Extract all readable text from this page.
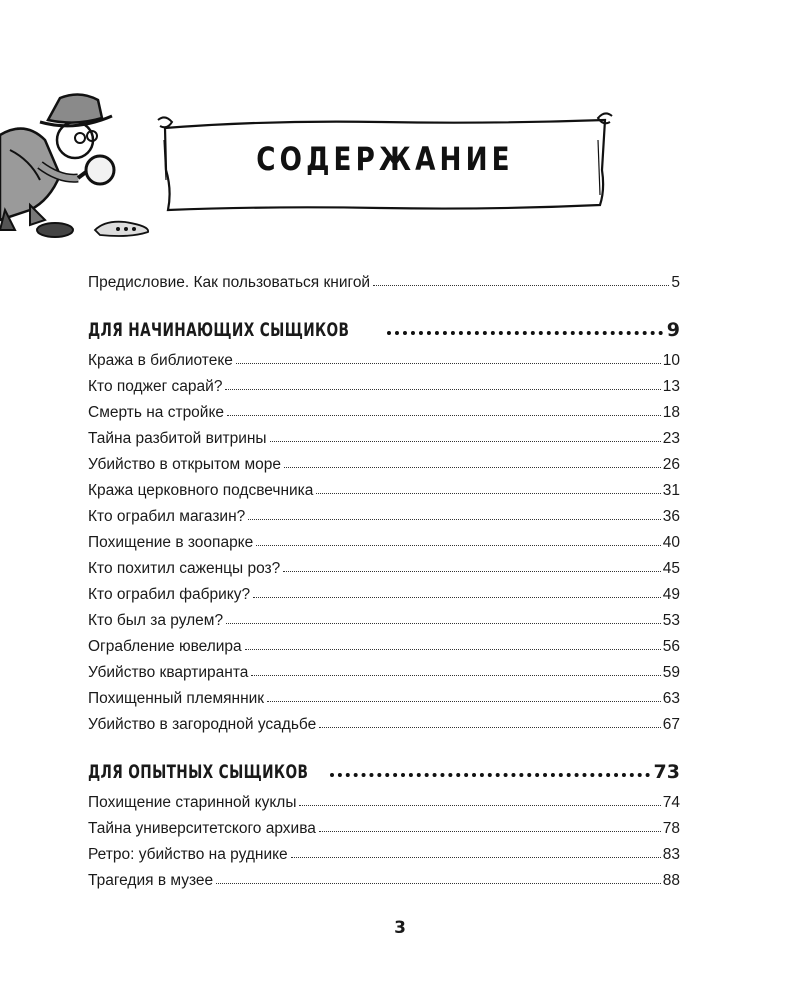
СОДЕРЖАНИЕ
Предисловие. Как пользоваться книгой	5
ДЛЯ НАЧИНАЮЩИХ СЫЩИКОВ	9
Кража в библиотеке	10
Кто поджег сарай?	13
Смерть на стройке	18
Тайна разбитой витрины	23
Убийство в открытом море	26
Кража церковного подсвечника	31
Кто ограбил магазин?	36
Похищение в зоопарке	40
Кто похитил саженцы роз?	45
Кто ограбил фабрику?	49
Кто был за рулем?	53
Ограбление ювелира	56
Убийство квартиранта	59
Похищенный племянник	63
Убийство в загородной усадьбе	67
ДЛЯ ОПЫТНЫХ СЫЩИКОВ	73
Похищение старинной куклы	74
Тайна университетского архива	78
Ретро: убийство на руднике	83
Трагедия в музее	88
3
